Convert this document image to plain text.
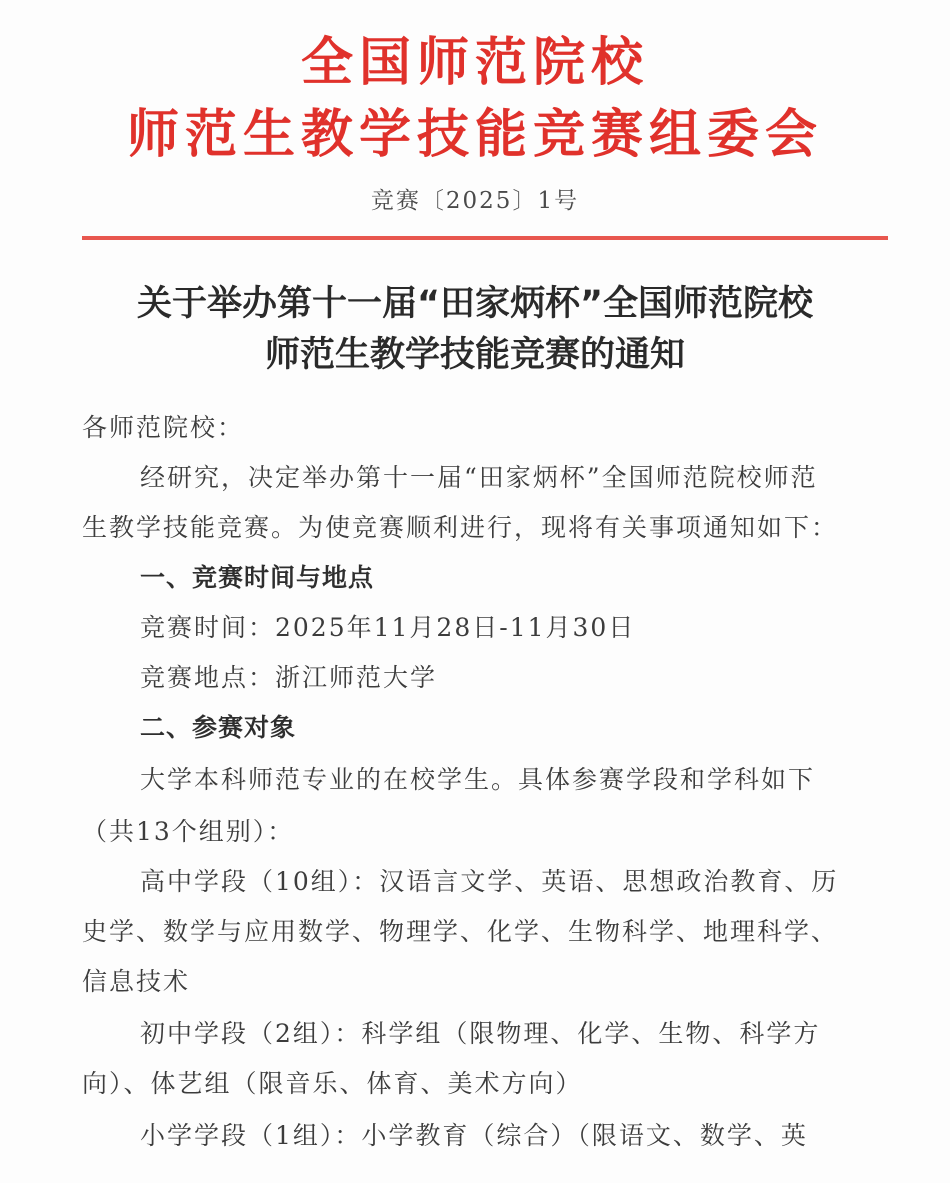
全国师范院校
师范生教学技能竞赛组委会
竞赛〔2025〕1号
关于举办第十一届“田家炳杯”全国师范院校
师范生教学技能竞赛的通知
各师范院校：
经研究，决定举办第十一届“田家炳杯”全国师范院校师范
生教学技能竞赛。为使竞赛顺利进行，现将有关事项通知如下：
一、竞赛时间与地点
竞赛时间：2025年11月28日-11月30日
竞赛地点：浙江师范大学
二、参赛对象
大学本科师范专业的在校学生。具体参赛学段和学科如下
（共13个组别）：
高中学段（10组）：汉语言文学、英语、思想政治教育、历
史学、数学与应用数学、物理学、化学、生物科学、地理科学、
信息技术
初中学段（2组）：科学组（限物理、化学、生物、科学方
向）、体艺组（限音乐、体育、美术方向）
小学学段（1组）：小学教育（综合）（限语文、数学、英
